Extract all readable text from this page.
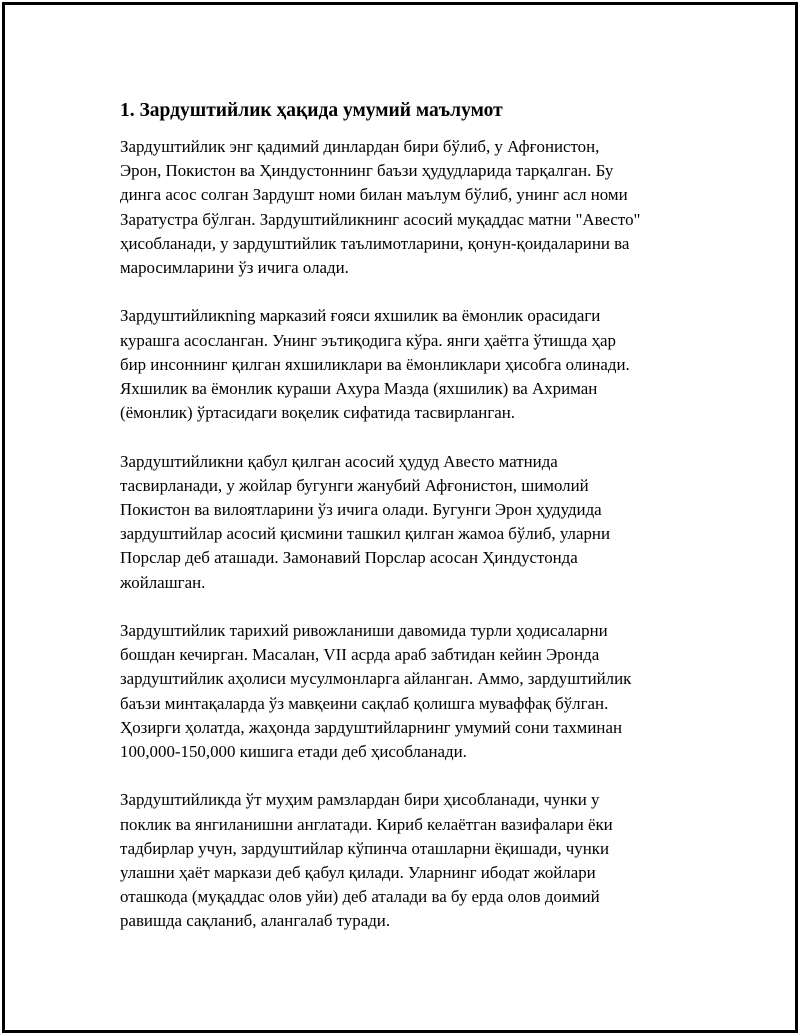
1. Зардуштийлик ҳақида умумий маълумот

Зардуштийлик энг қадимий динлардан бири бўлиб, у Афғонистон,
Эрон, Покистон ва Ҳиндустоннинг баъзи ҳудудларида тарқалган. Бу
динга асос солган Зардушт номи билан маълум бўлиб, унинг асл номи
Заратустра бўлган. Зардуштийликнинг асосий муқаддас матни "Авесто"
ҳисобланади, у зардуштийлик таълимотларини, қонун-қоидаларини ва
маросимларини ўз ичига олади.

Зардуштийликning марказий ғояси яхшилик ва ёмонлик орасидаги
курашга асосланган. Унинг эътиқодига кўра. янги ҳаётга ўтишда ҳар
бир инсоннинг қилган яхшиликлари ва ёмонликлари ҳисобга олинади.
Яхшилик ва ёмонлик кураши Ахура Мазда (яхшилик) ва Ахриман
(ёмонлик) ўртасидаги воқелик сифатида тасвирланган.

Зардуштийликни қабул қилган асосий ҳудуд Авесто матнида
тасвирланади, у жойлар бугунги жанубий Афғонистон, шимолий
Покистон ва вилоятларини ўз ичига олади. Бугунги Эрон ҳудудида
зардуштийлар асосий қисмини ташкил қилган жамоа бўлиб, уларни
Порслар деб аташади. Замонавий Порслар асосан Ҳиндустонда
жойлашган.

Зардуштийлик тарихий ривожланиши давомида турли ҳодисаларни
бошдан кечирган. Масалан, VII асрда араб забтидан кейин Эронда
зардуштийлик аҳолиси мусулмонларга айланган. Аммо, зардуштийлик
баъзи минтақаларда ўз мавқеини сақлаб қолишга муваффақ бўлган.
Ҳозирги ҳолатда, жаҳонда зардуштийларнинг умумий сони тахминан
100,000-150,000 кишига етади деб ҳисобланади.

Зардуштийликда ўт муҳим рамзлардан бири ҳисобланади, чунки у
поклик ва янгиланишни англатади. Кириб келаётган вазифалари ёки
тадбирлар учун, зардуштийлар кўпинча оташларни ёқишади, чунки
улашни ҳаёт маркази деб қабул қилади. Уларнинг ибодат жойлари
оташкода (муқаддас олов уйи) деб аталади ва бу ерда олов доимий
равишда сақланиб, алангалаб туради.
